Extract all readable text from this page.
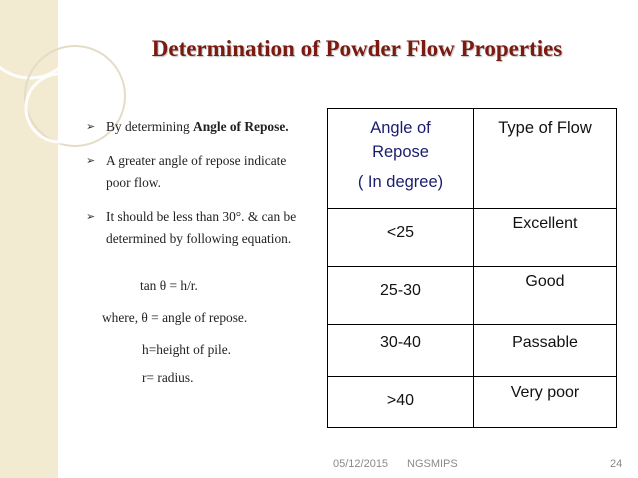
Determination of Powder Flow Properties
➢ By determining Angle of Repose.
➢ A greater angle of repose indicate poor flow.
➢ It should be less than 30°. & can be determined by following equation.
tan θ = h/r.
where, θ = angle of repose.
h=height of pile.
r= radius.
Angle of
Repose
( In degree)	Type of Flow

<25	Excellent

25-30	Good

30-40	Passable

>40	Very poor
05/12/2015 NGSMIPS	24
